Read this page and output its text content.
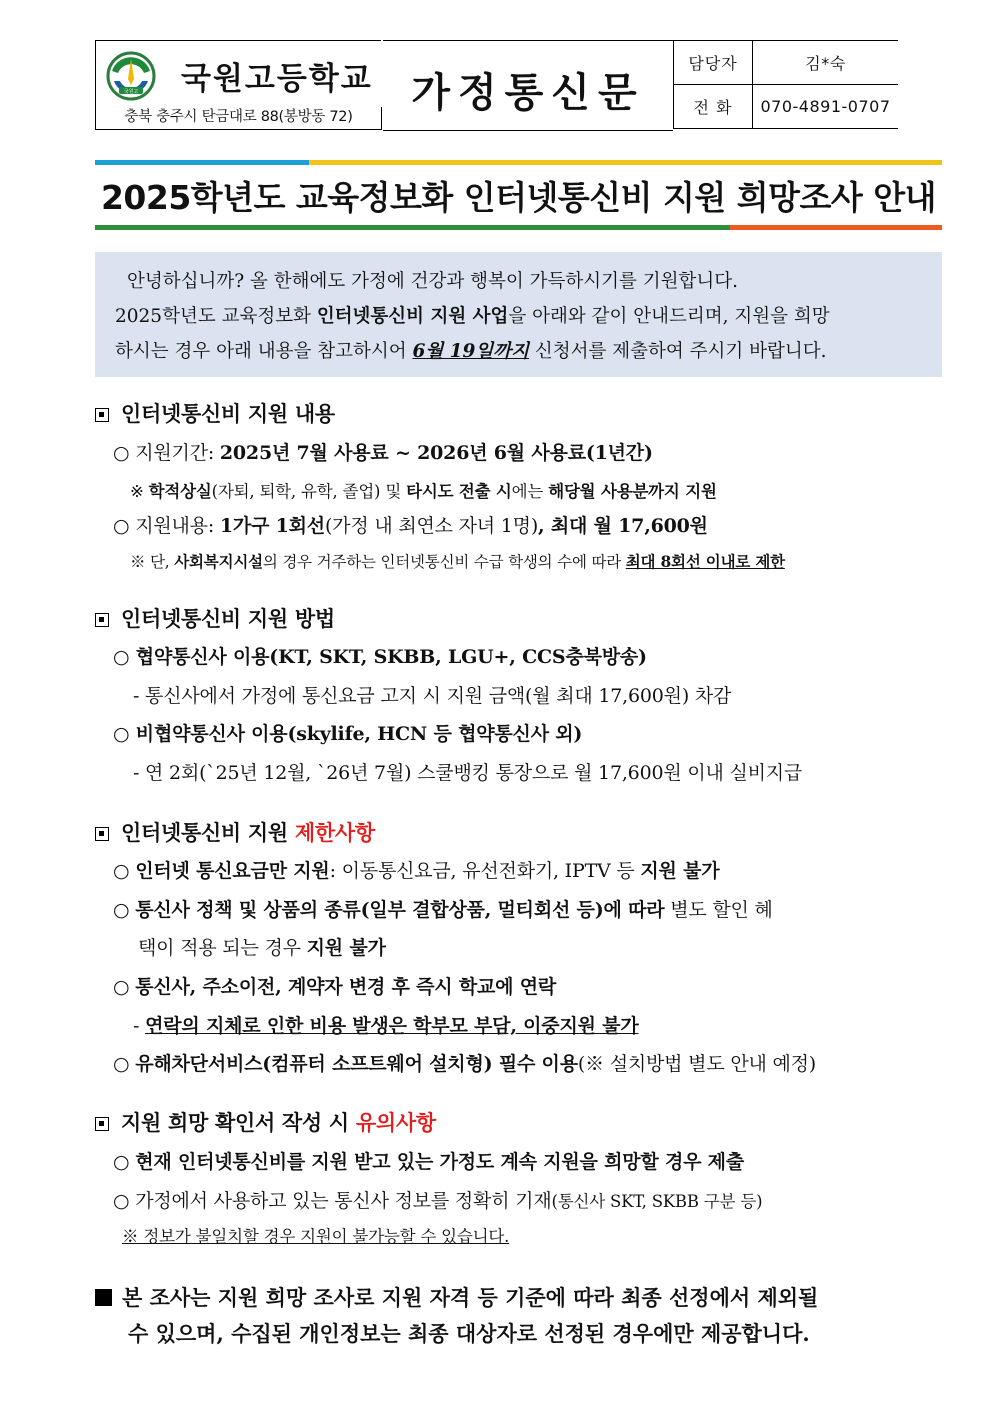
국원고 국원고등학교
충북 충주시 탄금대로 88(봉방동 72)
가정통신문
담당자	김*숙
전 화	070-4891-0707
2025학년도 교육정보화 인터넷통신비 지원 희망조사 안내

안녕하십니까? 올 한해에도 가정에 건강과 행복이 가득하시기를 기원합니다.

2025학년도 교육정보화 인터넷통신비 지원 사업을 아래와 같이 안내드리며, 지원을 희망

하시는 경우 아래 내용을 참고하시어 6월 19일까지 신청서를 제출하여 주시기 바랍니다.

인터넷통신비 지원 내용
○ 지원기간: 2025년 7월 사용료 ~ 2026년 6월 사용료(1년간)
※ 학적상실(자퇴, 퇴학, 유학, 졸업) 및 타시도 전출 시에는 해당월 사용분까지 지원
○ 지원내용: 1가구 1회선(가정 내 최연소 자녀 1명), 최대 월 17,600원
※ 단, 사회복지시설의 경우 거주하는 인터넷통신비 수급 학생의 수에 따라 최대 8회선 이내로 제한
인터넷통신비 지원 방법
○ 협약통신사 이용(KT, SKT, SKBB, LGU+, CCS충북방송)
- 통신사에서 가정에 통신요금 고지 시 지원 금액(월 최대 17,600원) 차감
○ 비협약통신사 이용(skylife, HCN 등 협약통신사 외)
- 연 2회(`25년 12월, `26년 7월) 스쿨뱅킹 통장으로 월 17,600원 이내 실비지급
인터넷통신비 지원 제한사항
○ 인터넷 통신요금만 지원: 이동통신요금, 유선전화기, IPTV 등 지원 불가
○ 통신사 정책 및 상품의 종류(일부 결합상품, 멀티회선 등)에 따라 별도 할인 혜
택이 적용 되는 경우 지원 불가
○ 통신사, 주소이전, 계약자 변경 후 즉시 학교에 연락
- 연락의 지체로 인한 비용 발생은 학부모 부담, 이중지원 불가
○ 유해차단서비스(컴퓨터 소프트웨어 설치형) 필수 이용(※ 설치방법 별도 안내 예정)
지원 희망 확인서 작성 시 유의사항
○ 현재 인터넷통신비를 지원 받고 있는 가정도 계속 지원을 희망할 경우 제출
○ 가정에서 사용하고 있는 통신사 정보를 정확히 기재(통신사 SKT, SKBB 구분 등)
※ 정보가 불일치할 경우 지원이 불가능할 수 있습니다.
본 조사는 지원 희망 조사로 지원 자격 등 기준에 따라 최종 선정에서 제외될
수 있으며, 수집된 개인정보는 최종 대상자로 선정된 경우에만 제공합니다.
